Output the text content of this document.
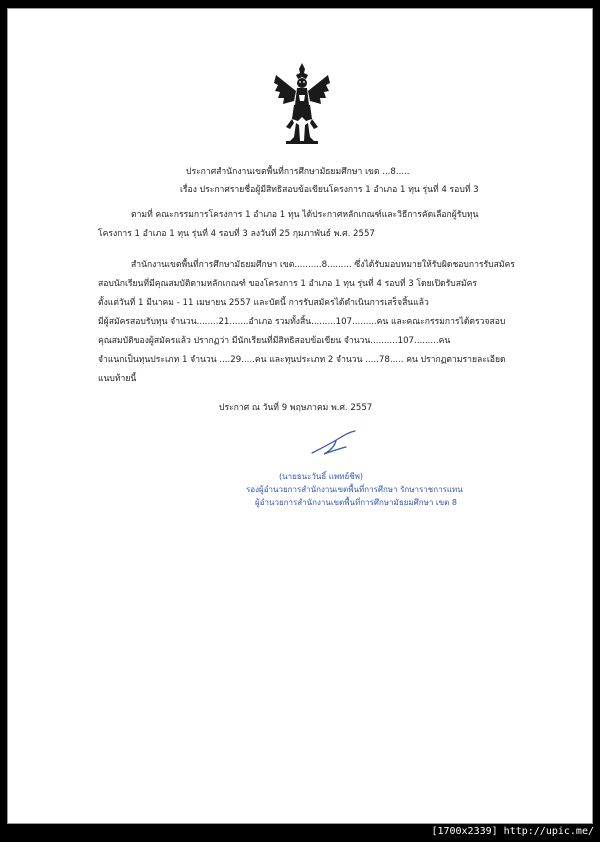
ประกาศสำนักงานเขตพื้นที่การศึกษามัธยมศึกษา เขต ...8.....
เรื่อง ประกาศรายชื่อผู้มีสิทธิสอบข้อเขียนโครงการ 1 อำเภอ 1 ทุน รุ่นที่ 4 รอบที่ 3
ตามที่ คณะกรรมการโครงการ 1 อำเภอ 1 ทุน ได้ประกาศหลักเกณฑ์และวิธีการคัดเลือกผู้รับทุน
โครงการ 1 อำเภอ 1 ทุน รุ่นที่ 4 รอบที่ 3 ลงวันที่ 25 กุมภาพันธ์ พ.ศ. 2557
สำนักงานเขตพื้นที่การศึกษามัธยมศึกษา เขต..........8......... ซึ่งได้รับมอบหมายให้รับผิดชอบการรับสมัคร
สอบนักเรียนที่มีคุณสมบัติตามหลักเกณฑ์ ของโครงการ 1 อำเภอ 1 ทุน รุ่นที่ 4 รอบที่ 3 โดยเปิดรับสมัคร
ตั้งแต่วันที่ 1 มีนาคม - 11 เมษายน 2557 และบัดนี้ การรับสมัครได้ดำเนินการเสร็จสิ้นแล้ว
มีผู้สมัครสอบรับทุน จำนวน........21.......อำเภอ รวมทั้งสิ้น.........107.........คน และคณะกรรมการได้ตรวจสอบ
คุณสมบัติของผู้สมัครแล้ว ปรากฏว่า มีนักเรียนที่มีสิทธิสอบข้อเขียน จำนวน..........107.........คน
จำแนกเป็นทุนประเภท 1 จำนวน ....29.....คน และทุนประเภท 2 จำนวน .....78..... คน ปรากฏตามรายละเอียด
แนบท้ายนี้
ประกาศ ณ วันที่ 9 พฤษภาคม พ.ศ. 2557
(นายธนะวันธิ์ แพทย์ชีพ)
รองผู้อำนวยการสำนักงานเขตพื้นที่การศึกษา รักษาราชการแทน
ผู้อำนวยการสำนักงานเขตพื้นที่การศึกษามัธยมศึกษา เขต 8
[1700x2339] http://upic.me/
